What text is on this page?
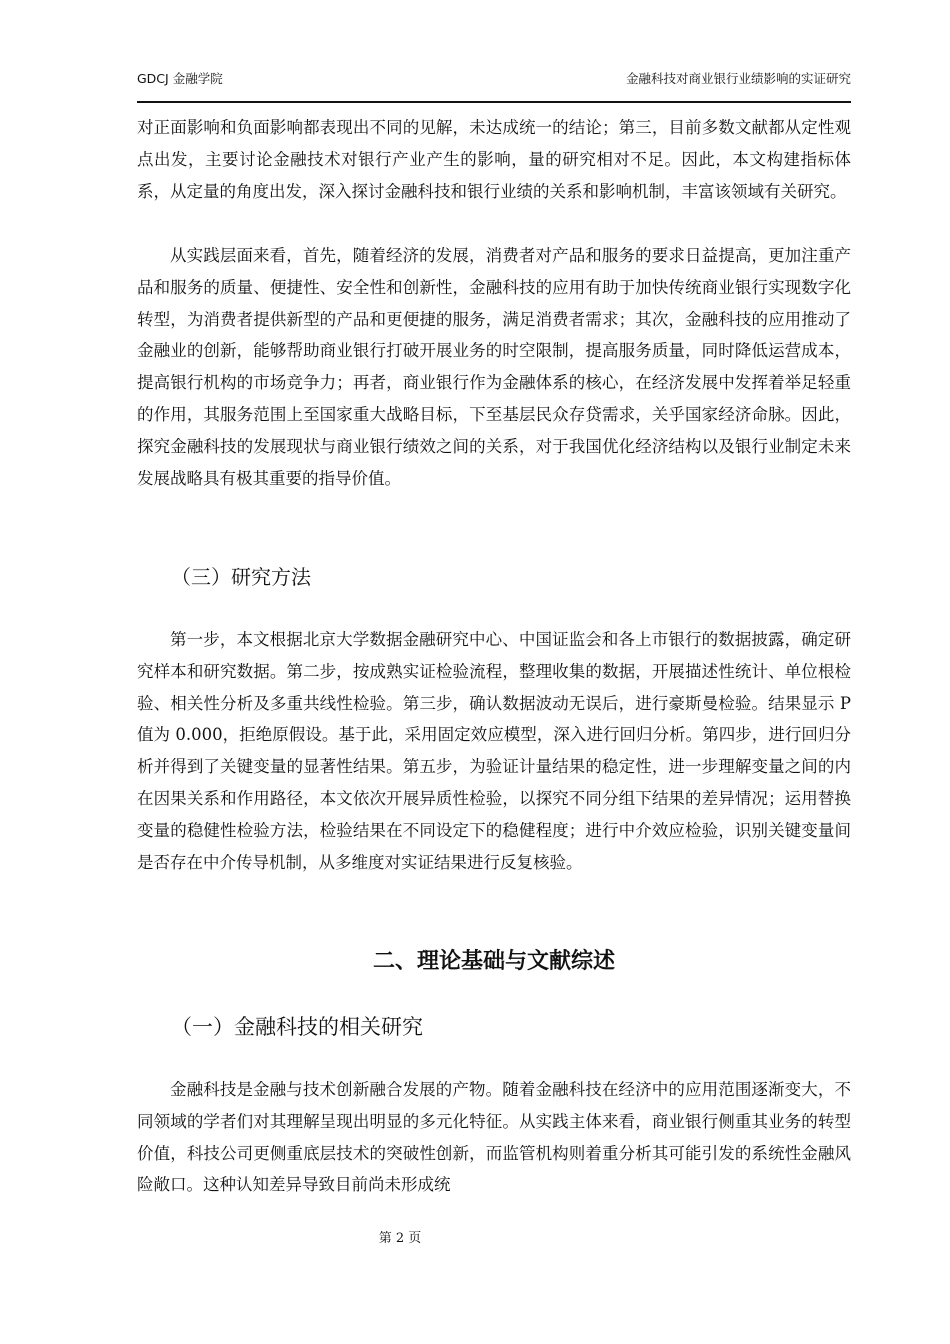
GDCJ 金融学院	金融科技对商业银行业绩影响的实证研究

对正面影响和负面影响都表现出不同的见解，未达成统一的结论；第三，目前多数文献都从定性观点出发，主要讨论金融技术对银行产业产生的影响，量的研究相对不足。因此，本文构建指标体系，从定量的角度出发，深入探讨金融科技和银行业绩的关系和影响机制，丰富该领域有关研究。

从实践层面来看，首先，随着经济的发展，消费者对产品和服务的要求日益提高，更加注重产品和服务的质量、便捷性、安全性和创新性，金融科技的应用有助于加快传统商业银行实现数字化转型，为消费者提供新型的产品和更便捷的服务，满足消费者需求；其次，金融科技的应用推动了金融业的创新，能够帮助商业银行打破开展业务的时空限制，提高服务质量，同时降低运营成本，提高银行机构的市场竞争力；再者，商业银行作为金融体系的核心，在经济发展中发挥着举足轻重的作用，其服务范围上至国家重大战略目标，下至基层民众存贷需求，关乎国家经济命脉。因此，探究金融科技的发展现状与商业银行绩效之间的关系，对于我国优化经济结构以及银行业制定未来发展战略具有极其重要的指导价值。

（三）研究方法

第一步，本文根据北京大学数据金融研究中心、中国证监会和各上市银行的数据披露，确定研究样本和研究数据。第二步，按成熟实证检验流程，整理收集的数据，开展描述性统计、单位根检验、相关性分析及多重共线性检验。第三步，确认数据波动无误后，进行豪斯曼检验。结果显示 P 值为 0.000，拒绝原假设。基于此，采用固定效应模型，深入进行回归分析。第四步，进行回归分析并得到了关键变量的显著性结果。第五步，为验证计量结果的稳定性，进一步理解变量之间的内在因果关系和作用路径，本文依次开展异质性检验，以探究不同分组下结果的差异情况；运用替换变量的稳健性检验方法，检验结果在不同设定下的稳健程度；进行中介效应检验，识别关键变量间是否存在中介传导机制，从多维度对实证结果进行反复核验。

二、理论基础与文献综述
（一）金融科技的相关研究

金融科技是金融与技术创新融合发展的产物。随着金融科技在经济中的应用范围逐渐变大，不同领域的学者们对其理解呈现出明显的多元化特征。从实践主体来看，商业银行侧重其业务的转型价值，科技公司更侧重底层技术的突破性创新，而监管机构则着重分析其可能引发的系统性金融风险敞口。这种认知差异导致目前尚未形成统

第 2 页
